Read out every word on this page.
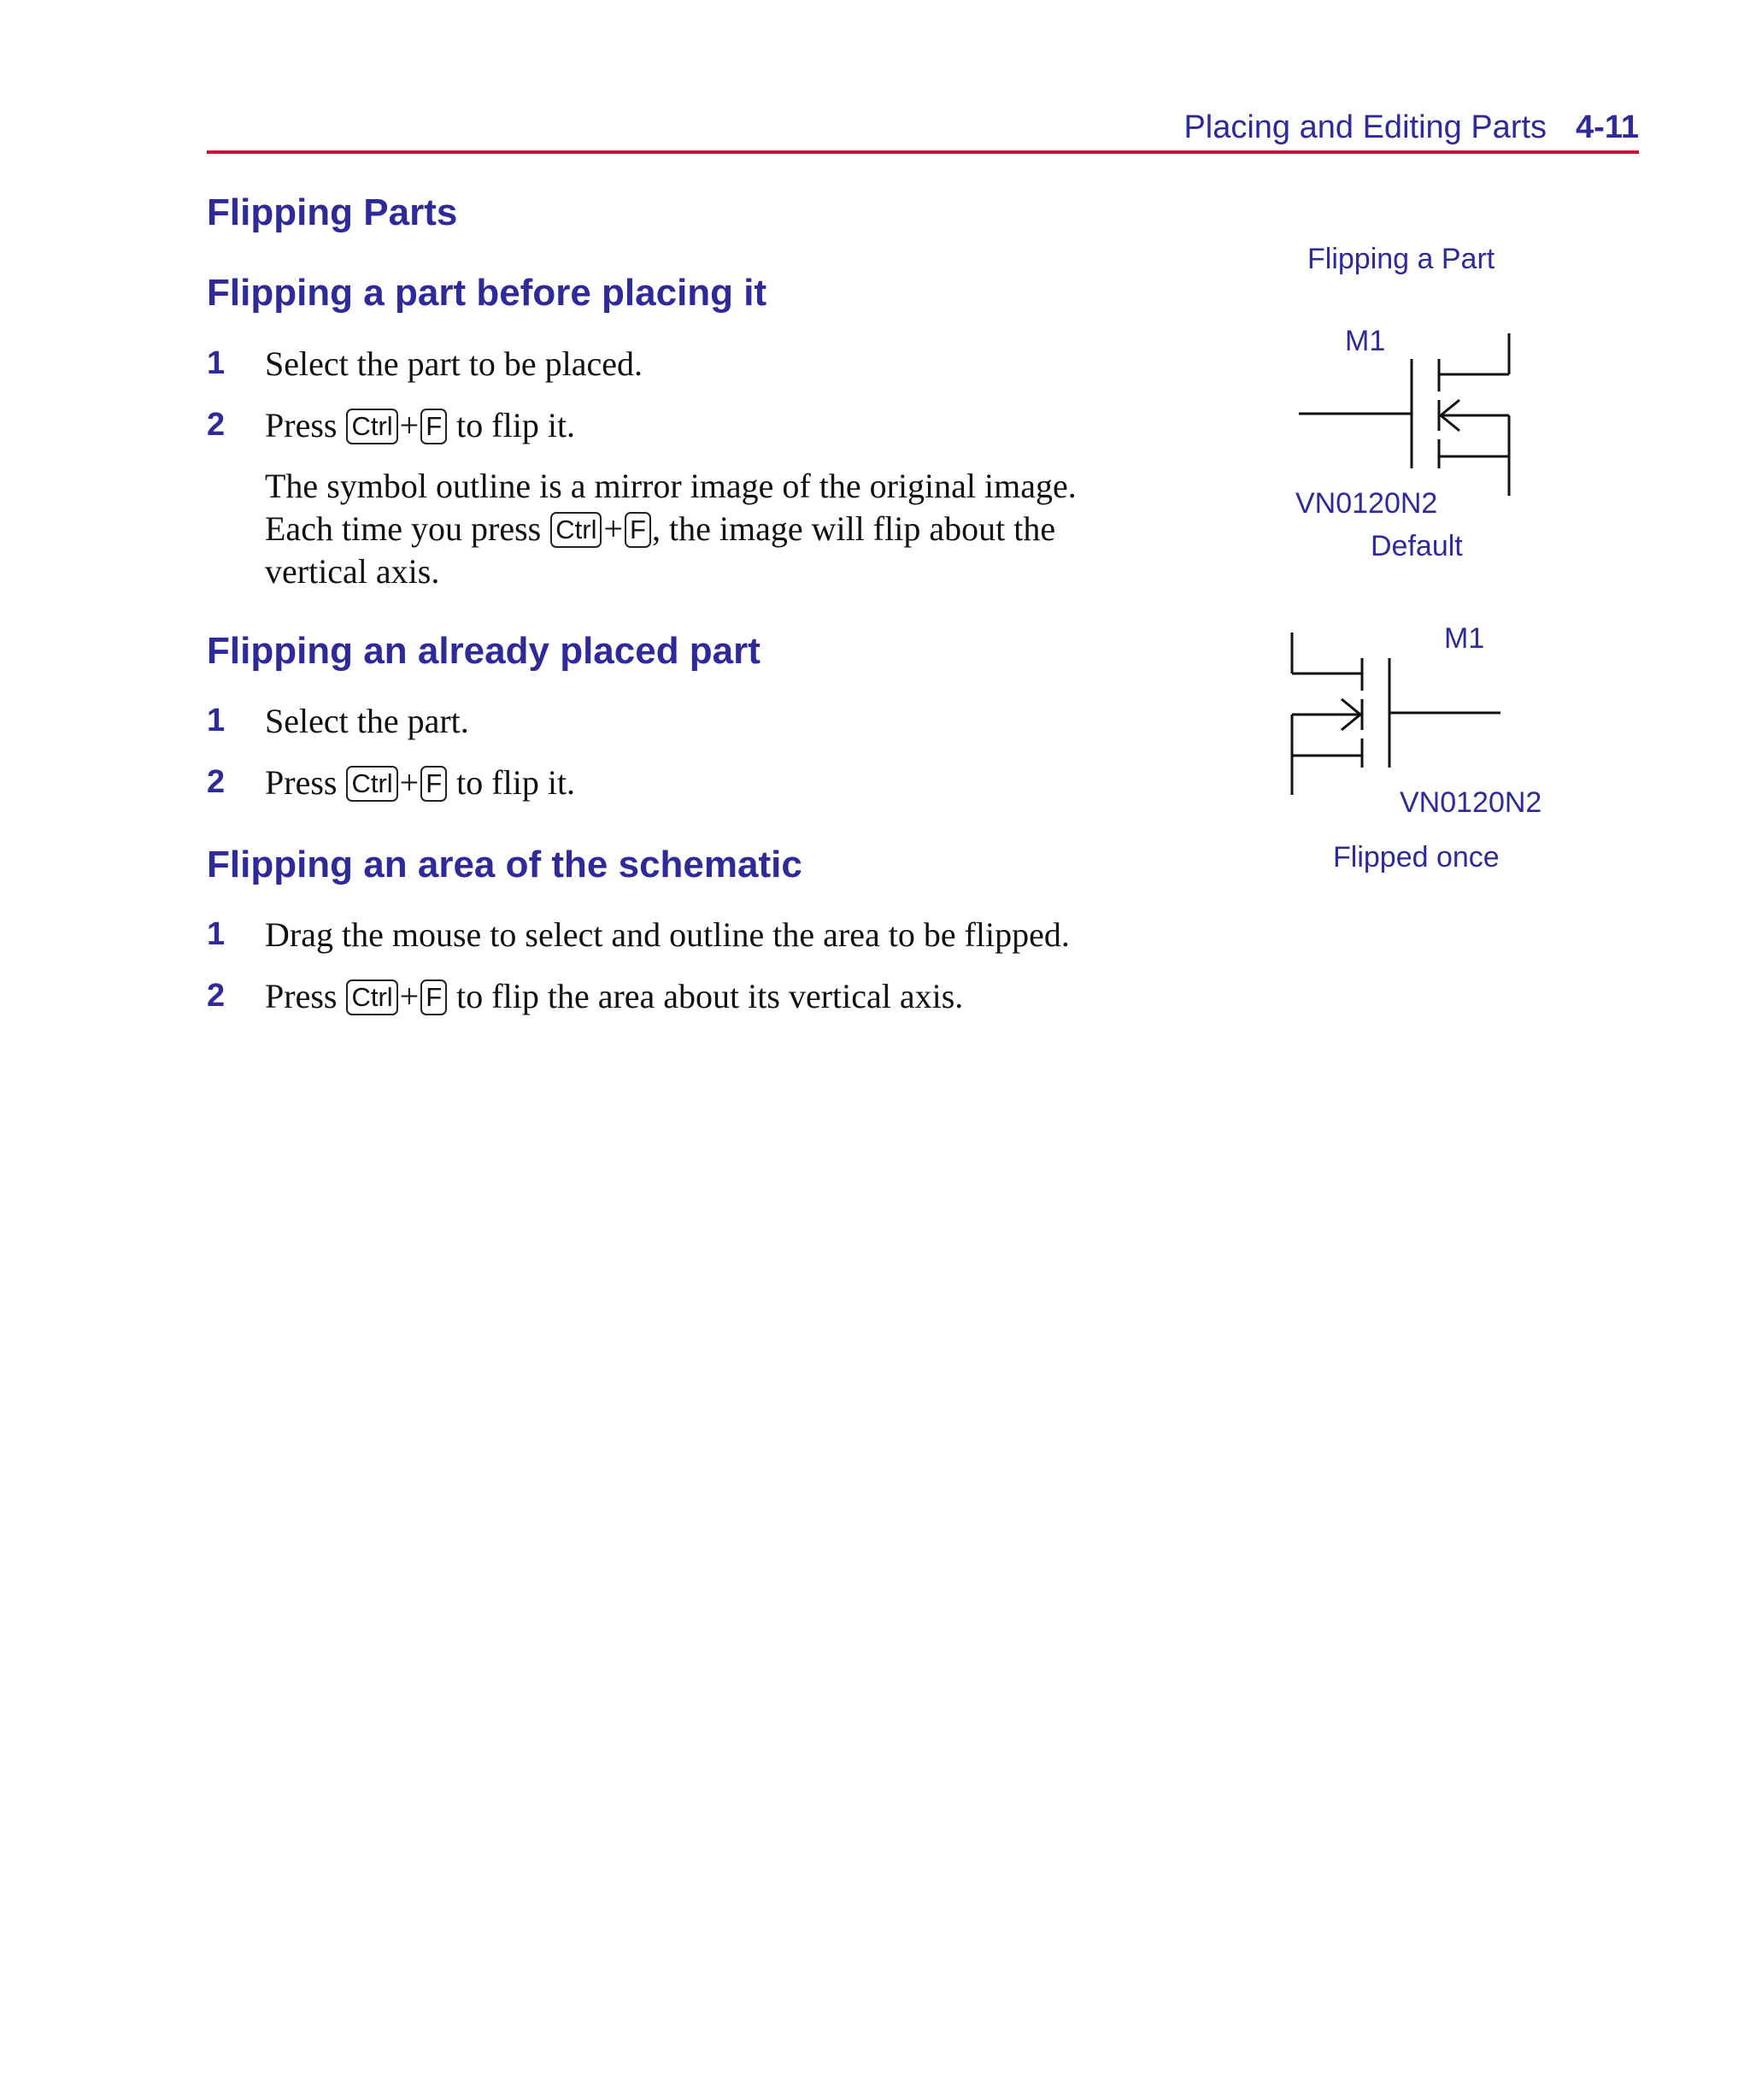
Placing and Editing Parts 4-11
Flipping Parts
Flipping a part before placing it
1 Select the part to be placed.
2 Press Ctrl + F to flip it.
The symbol outline is a mirror image of the original image.
Each time you press Ctrl + F , the image will flip about the
vertical axis.
Flipping an already placed part
1 Select the part.
2 Press Ctrl + F to flip it.
Flipping an area of the schematic
1 Drag the mouse to select and outline the area to be flipped.
2 Press Ctrl + F to flip the area about its vertical axis.
Flipping a Part
M1
VN0120N2
Default
M1
VN0120N2
Flipped once
